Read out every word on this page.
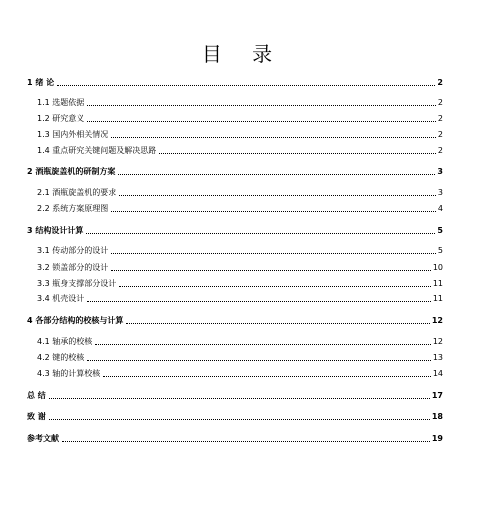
目 录
1 绪 论	2
1.1 选题依据	2
1.2 研究意义	2
1.3 国内外相关情况	2
1.4 重点研究关键问题及解决思路	2
2 酒瓶旋盖机的研制方案	3
2.1 酒瓶旋盖机的要求	3
2.2 系统方案原理图	4
3 结构设计计算	5
3.1 传动部分的设计	5
3.2 锁盖部分的设计	10
3.3 瓶身支撑部分设计	11
3.4 机壳设计	11
4 各部分结构的校核与计算	12
4.1 轴承的校核	12
4.2 键的校核	13
4.3 轴的计算校核	14
总 结	17
致 谢	18
参考文献	19
